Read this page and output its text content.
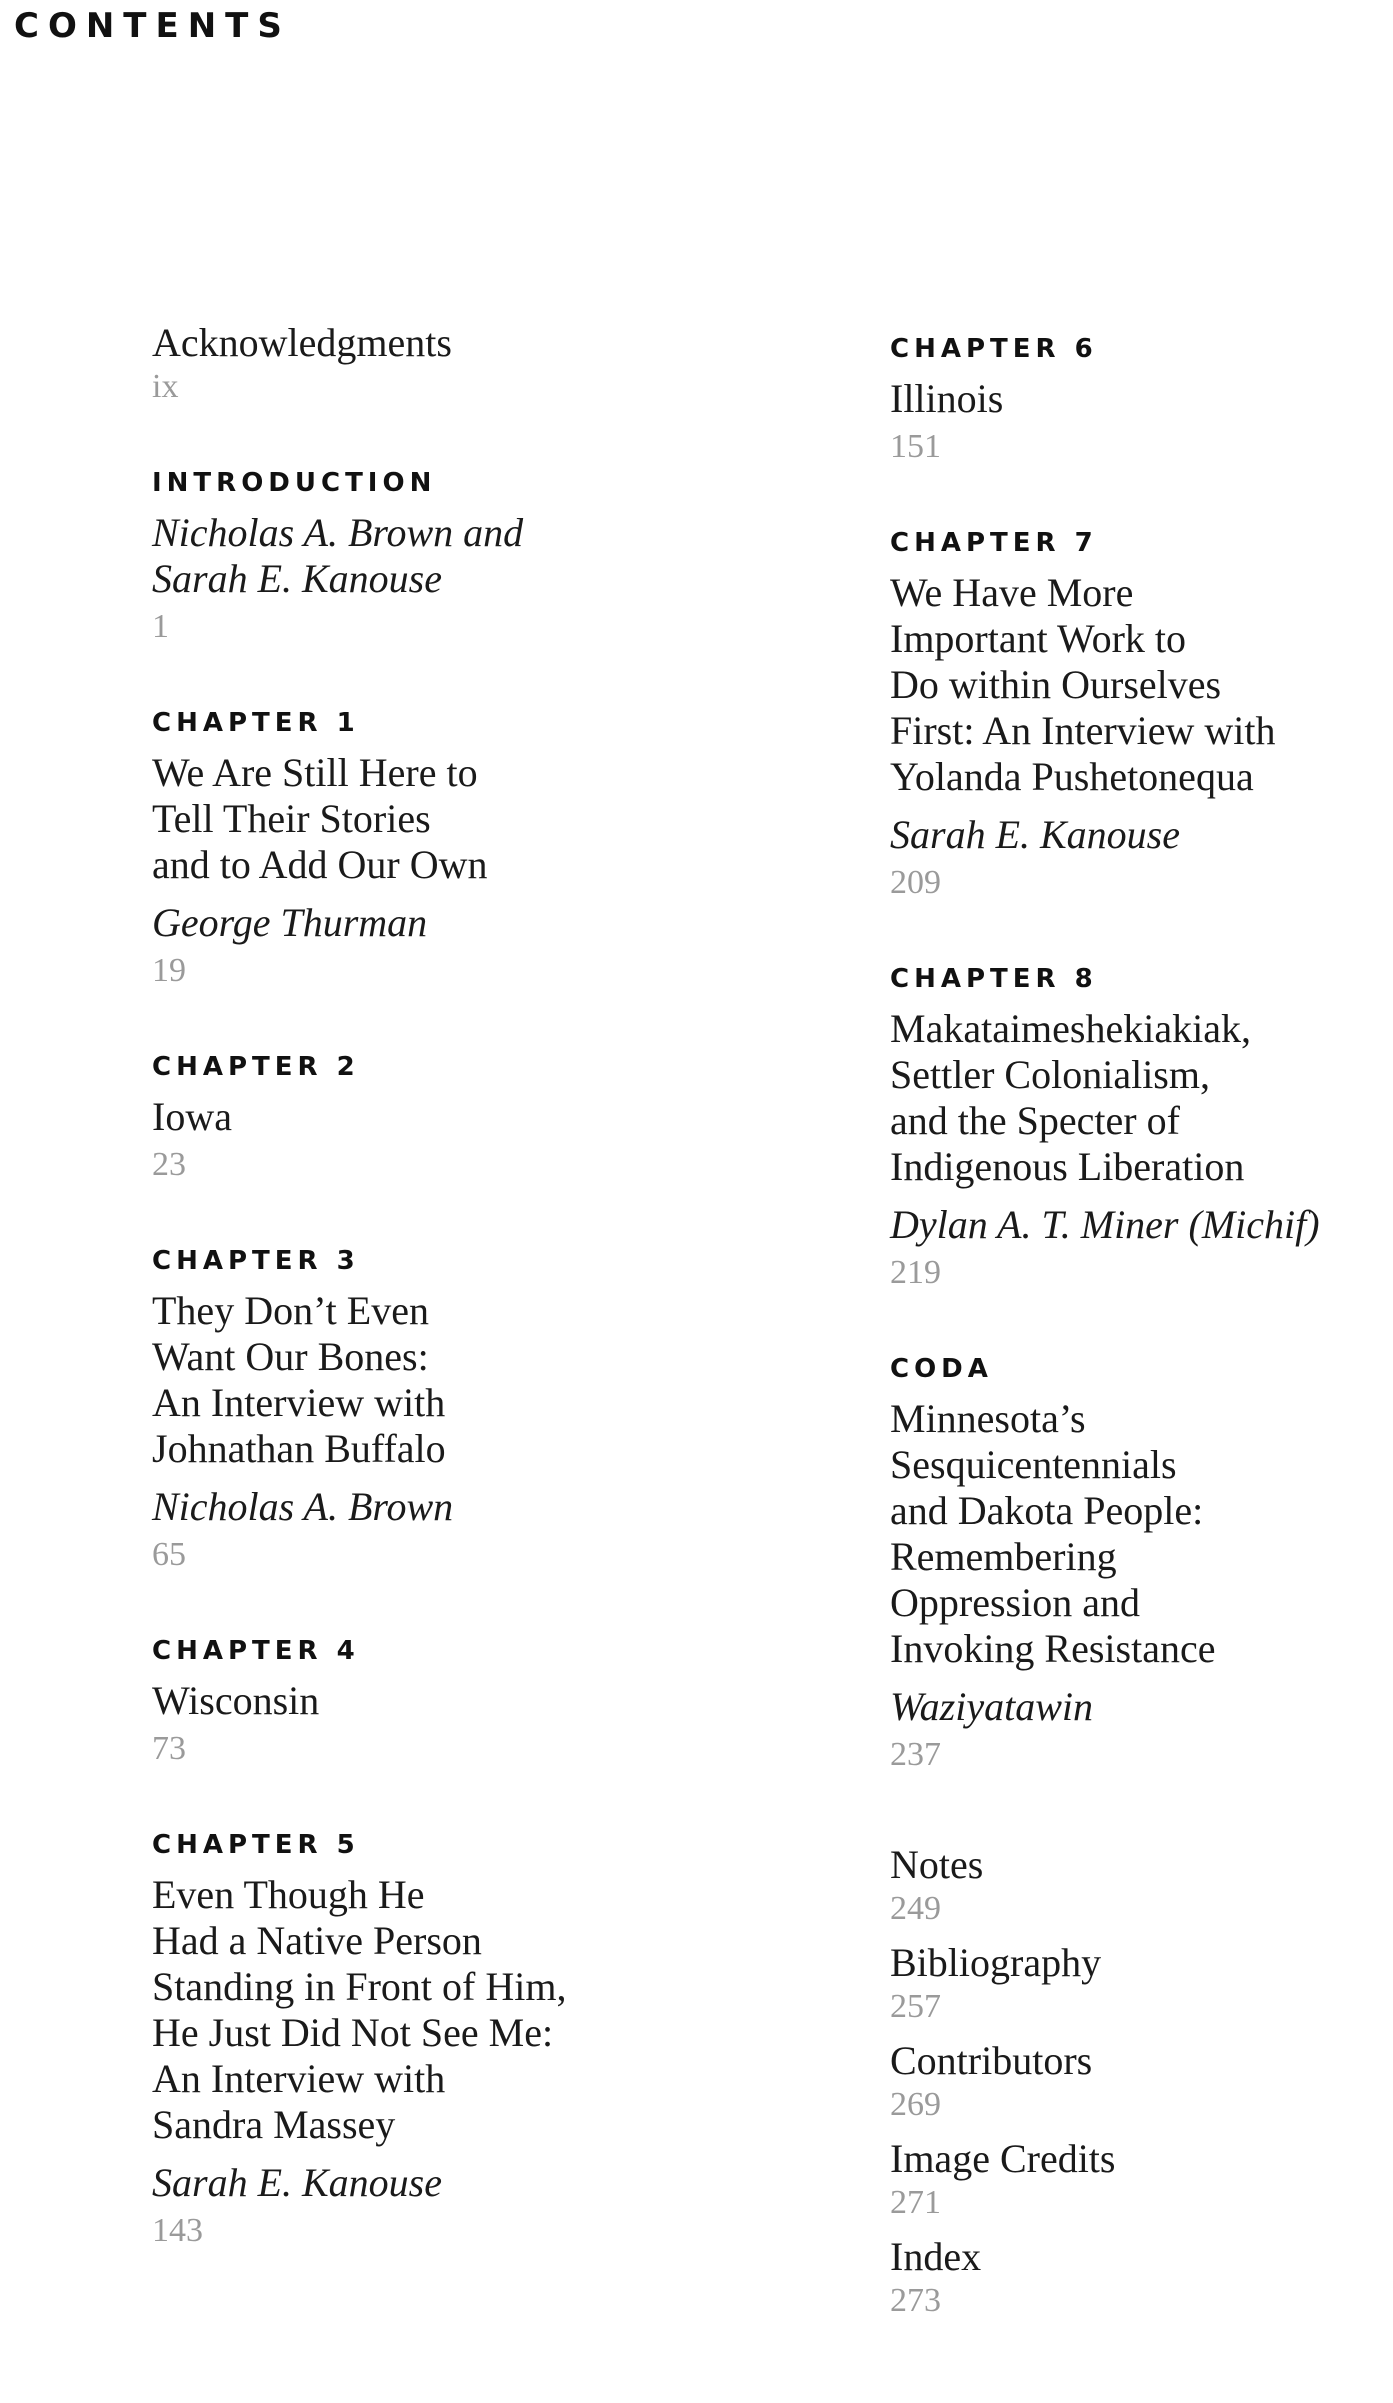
CONTENTS
Acknowledgments
ix
INTRODUCTION
Nicholas A. Brown and
Sarah E. Kanouse
1
CHAPTER 1
We Are Still Here to
Tell Their Stories
and to Add Our Own
George Thurman
19
CHAPTER 2
Iowa
23
CHAPTER 3
They Don’t Even
Want Our Bones:
An Interview with
Johnathan Buffalo
Nicholas A. Brown
65
CHAPTER 4
Wisconsin
73
CHAPTER 5
Even Though He
Had a Native Person
Standing in Front of Him,
He Just Did Not See Me:
An Interview with
Sandra Massey
Sarah E. Kanouse
143
CHAPTER 6
Illinois
151
CHAPTER 7
We Have More
Important Work to
Do within Ourselves
First: An Interview with
Yolanda Pushetonequa
Sarah E. Kanouse
209
CHAPTER 8
Makataimeshekiakiak,
Settler Colonialism,
and the Specter of
Indigenous Liberation
Dylan A. T. Miner (Michif)
219
CODA
Minnesota’s
Sesquicentennials
and Dakota People:
Remembering
Oppression and
Invoking Resistance
Waziyatawin
237
Notes
249
Bibliography
257
Contributors
269
Image Credits
271
Index
273
